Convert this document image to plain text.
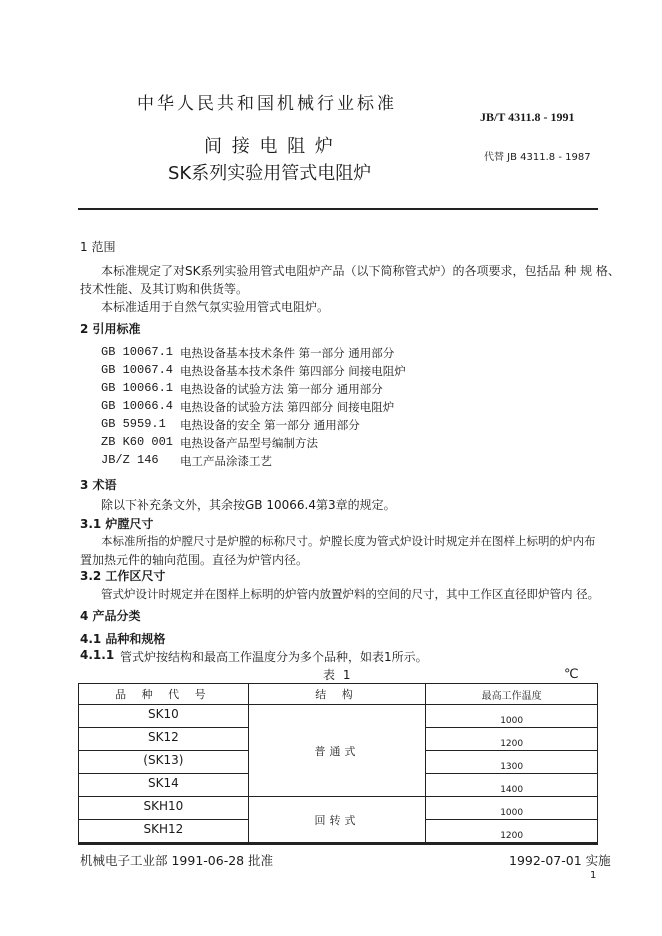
中华人民共和国机械行业标准
JB/T 4311.8 - 1991
间 接 电 阻 炉
SK系列实验用管式电阻炉
代替 JB 4311.8 - 1987
1 范围
本标准规定了对SK系列实验用管式电阻炉产品（以下简称管式炉）的各项要求，包括品 种 规 格、
技术性能、及其订购和供货等。
本标准适用于自然气氛实验用管式电阻炉。
2 引用标准
GB 10067.1 电热设备基本技术条件 第一部分 通用部分
GB 10067.4 电热设备基本技术条件 第四部分 间接电阻炉
GB 10066.1 电热设备的试验方法 第一部分 通用部分
GB 10066.4 电热设备的试验方法 第四部分 间接电阻炉
GB 5959.1 电热设备的安全 第一部分 通用部分
ZB K60 001 电热设备产品型号编制方法
JB/Z 146 电工产品涂漆工艺
3 术语
除以下补充条文外，其余按GB 10066.4第3章的规定。
3.1 炉膛尺寸
本标准所指的炉膛尺寸是炉膛的标称尺寸。炉膛长度为管式炉设计时规定并在图样上标明的炉内布
置加热元件的轴向范围。直径为炉管内径。
3.2 工作区尺寸
管式炉设计时规定并在图样上标明的炉管内放置炉料的空间的尺寸，其中工作区直径即炉管内 径。
4 产品分类
4.1 品种和规格
4.1.1 管式炉按结构和最高工作温度分为多个品种，如表1所示。
表 1	℃
品 种 代 号	结 构	最高工作温度
SK10	普通式	1000
SK12		1200
(SK13)		1300
SK14		1400
SKH10	回转式	1000
SKH12		1200
机械电子工业部 1991-06-28 批准	1992-07-01 实施
1
